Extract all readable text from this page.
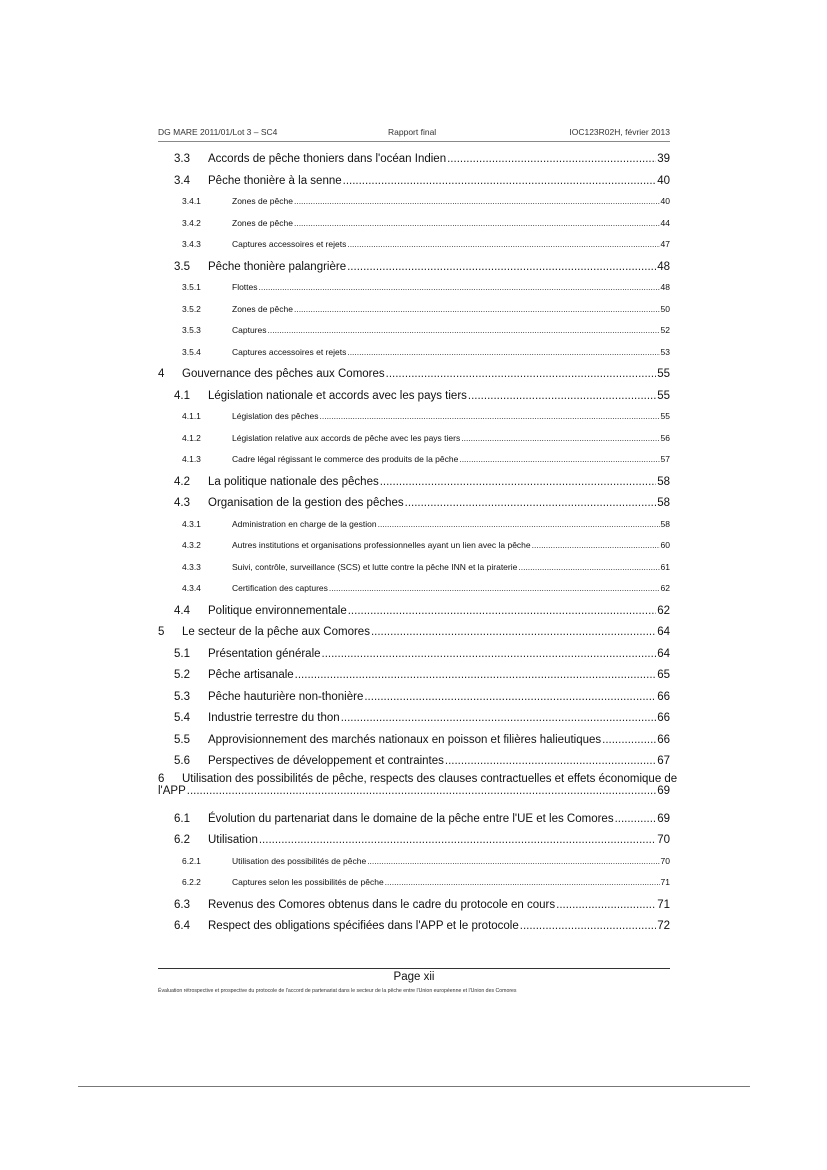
DG MARE 2011/01/Lot 3 – SC4	Rapport final	IOC123R02H, février 2013
3.3	Accords de pêche thoniers dans l'océan Indien .....	39
3.4	Pêche thonière à la senne .....	40
3.4.1	Zones de pêche .....	40
3.4.2	Zones de pêche .....	44
3.4.3	Captures accessoires et rejets .....	47
3.5	Pêche thonière palangrière .....	48
3.5.1	Flottes .....	48
3.5.2	Zones de pêche .....	50
3.5.3	Captures .....	52
3.5.4	Captures accessoires et rejets .....	53
4	Gouvernance des pêches aux Comores .....	55
4.1	Législation nationale et accords avec les pays tiers .....	55
4.1.1	Législation des pêches .....	55
4.1.2	Législation relative aux accords de pêche avec les pays tiers .....	56
4.1.3	Cadre légal régissant le commerce des produits de la pêche .....	57
4.2	La politique nationale des pêches .....	58
4.3	Organisation de la gestion des pêches .....	58
4.3.1	Administration en charge de la gestion .....	58
4.3.2	Autres institutions et organisations professionnelles ayant un lien avec la pêche .....	60
4.3.3	Suivi, contrôle, surveillance (SCS) et lutte contre la pêche INN et la piraterie .....	61
4.3.4	Certification des captures .....	62
4.4	Politique environnementale .....	62
5	Le secteur de la pêche aux Comores .....	64
5.1	Présentation générale .....	64
5.2	Pêche artisanale .....	65
5.3	Pêche hauturière non-thonière .....	66
5.4	Industrie terrestre du thon .....	66
5.5	Approvisionnement des marchés nationaux en poisson et filières halieutiques .....	66
5.6	Perspectives de développement et contraintes .....	67
6 Utilisation des possibilités de pêche, respects des clauses contractuelles et effets économique de
l'APP .....	69
6.1	Évolution du partenariat dans le domaine de la pêche entre l'UE et les Comores .....	69
6.2	Utilisation .....	70
6.2.1	Utilisation des possibilités de pêche .....	70
6.2.2	Captures selon les possibilités de pêche .....	71
6.3	Revenus des Comores obtenus dans le cadre du protocole en cours .....	71
6.4	Respect des obligations spécifiées dans l'APP et le protocole .....	72
Page xii
Évaluation rétrospective et prospective du protocole de l'accord de partenariat dans le secteur de la pêche entre l'Union européenne et l'Union des Comores
